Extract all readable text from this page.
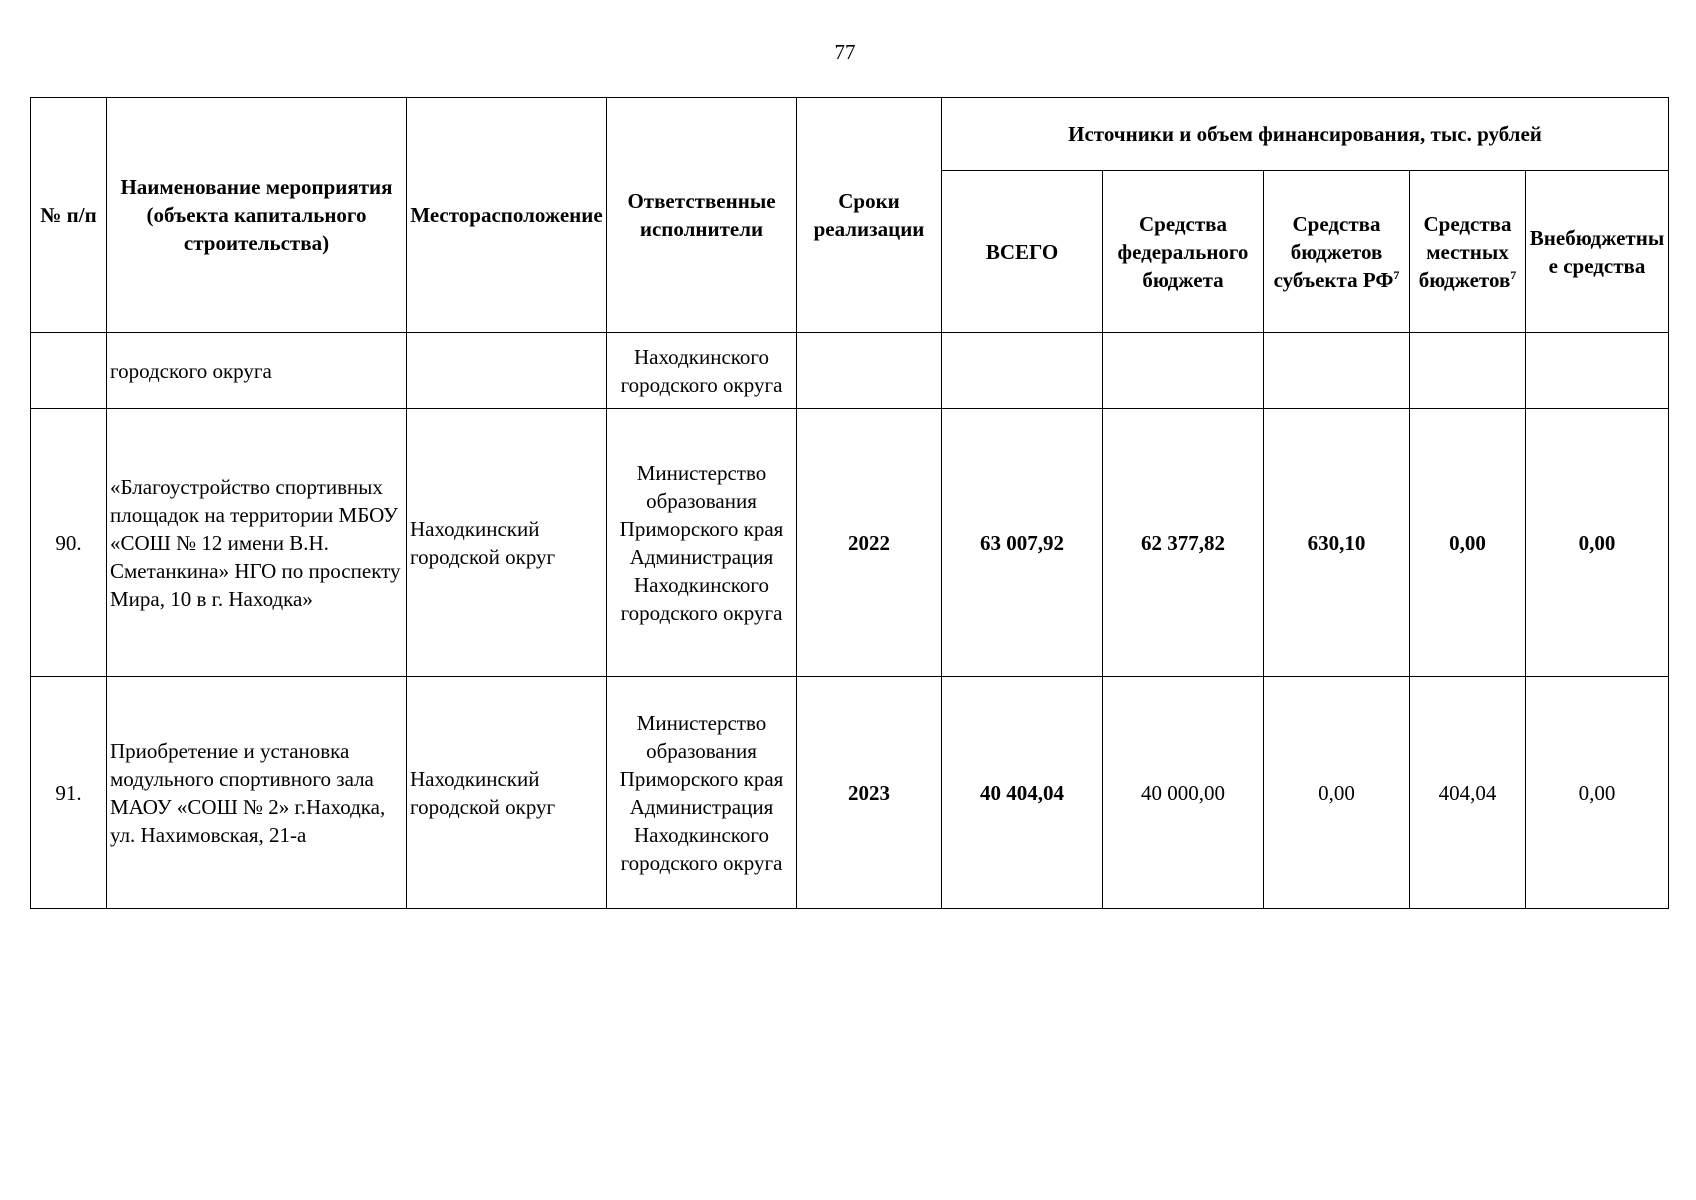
77
№ п/п	Наименование мероприятия (объекта капитального строительства)	Месторасположение	Ответственные исполнители	Сроки реализации	Источники и объем финансирования, тыс. рублей				
					ВСЕГО	Средства федерального бюджета	Средства бюджетов субъекта $РФ^7$	Средства местных бюджетов$^7$	Внебюджетные средства
	городского округа		Находкинского городского округа						
90.	«Благоустройство спортивных площадок на территории МБОУ «СОШ № 12 имени В.Н. Сметанкина» НГО по проспекту Мира, 10 в г. Находка»	Находкинский городской округ	Министерство образования Приморского края Администрация Находкинского городского округа	2022	63 007,92	62 377,82	630,10	0,00	0,00
91.	Приобретение и установка модульного спортивного зала МАОУ «СОШ № 2» г.Находка, ул. Нахимовская, 21-а	Находкинский городской округ	Министерство образования Приморского края Администрация Находкинского городского округа	2023	40 404,04	40 000,00	0,00	404,04	0,00
